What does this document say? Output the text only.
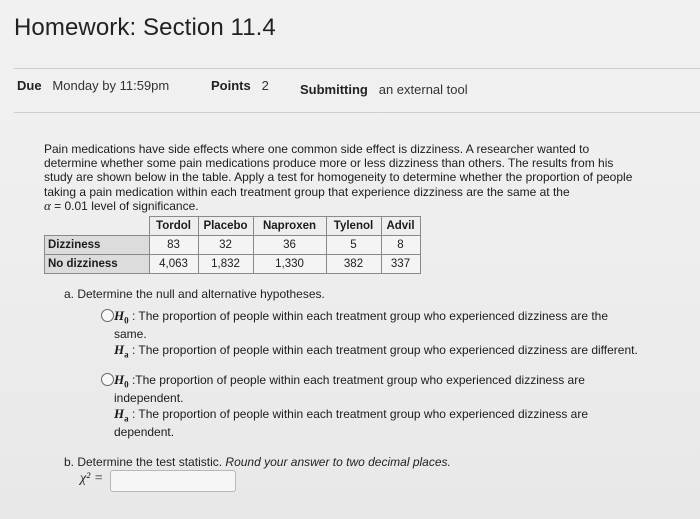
Homework: Section 11.4
Due Monday by 11:59pm	Points 2 Submitting an external tool
Pain medications have side effects where one common side effect is dizziness. A researcher wanted to determine whether some pain medications produce more or less dizziness than others. The results from his study are shown below in the table. Apply a test for homogeneity to determine whether the proportion of people taking a pain medication within each treatment group that experience dizziness are the same at the
α = 0.01 level of significance.
	Tordol	Placebo	Naproxen	Tylenol	Advil
Dizziness	83	32	36	5	8
No dizziness	4,063	1,832	1,330	382	337
a. Determine the null and alternative hypotheses.
$H_0$ : The proportion of people within each treatment group who experienced dizziness are the same.
$H_a$ : The proportion of people within each treatment group who experienced dizziness are different.
$H_0$ :The proportion of people within each treatment group who experienced dizziness are independent.
$H_a$ : The proportion of people within each treatment group who experienced dizziness are dependent.
b. Determine the test statistic. Round your answer to two decimal places.
χ² =
